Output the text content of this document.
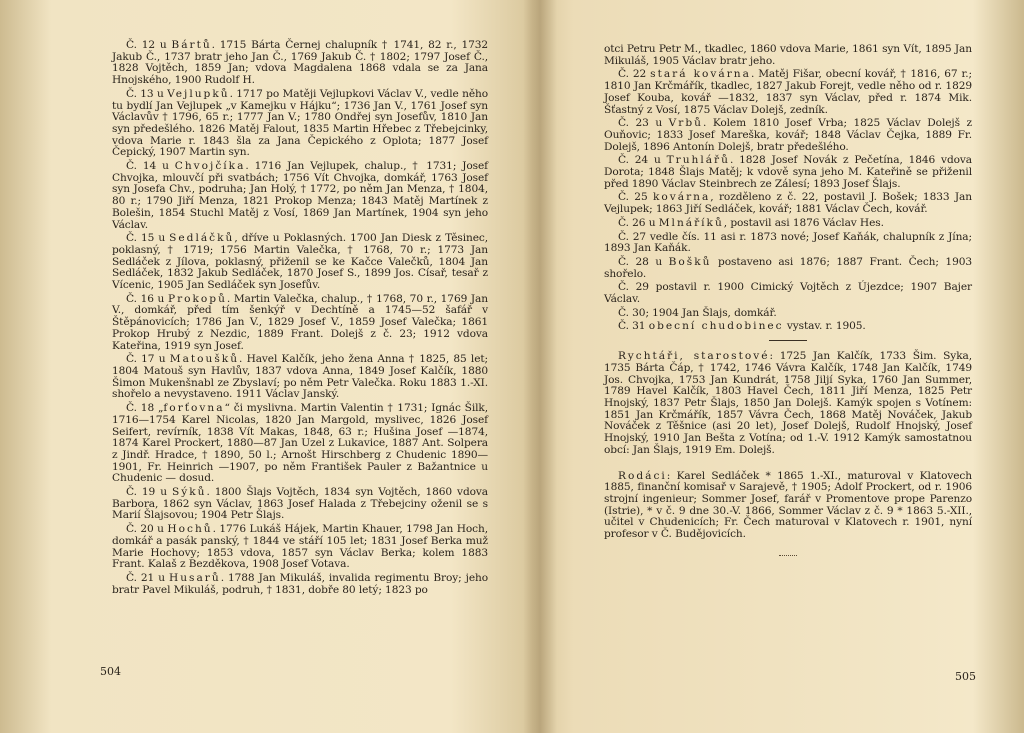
Č. 12 u Bártů. 1715 Bárta Černej chalupník † 1741, 82 r., 1732 Jakub Č., 1737 bratr jeho Jan Č., 1769 Jakub Č. † 1802; 1797 Josef Č., 1828 Vojtěch, 1859 Jan; vdova Magdalena 1868 vdala se za Jana Hnojského, 1900 Rudolf H.

Č. 13 u Vejlupků. 1717 po Matěji Vejlupkovi Václav V., vedle něho tu bydlí Jan Vejlupek „v Kamejku v Hájku“; 1736 Jan V., 1761 Josef syn Václavův † 1796, 65 r.; 1777 Jan V.; 1780 Ondřej syn Josefův, 1810 Jan syn předešlého. 1826 Matěj Falout, 1835 Martin Hřebec z Třebejcinky, vdova Marie r. 1843 šla za Jana Čepického z Oplota; 1877 Josef Čepický, 1907 Martin syn.

Č. 14 u Chvojčíka. 1716 Jan Vejlupek, chalup., † 1731; Josef Chvojka, mlouvčí při svatbách; 1756 Vít Chvojka, domkář, 1763 Josef syn Josefa Chv., podruha; Jan Holý, † 1772, po něm Jan Menza, † 1804, 80 r.; 1790 Jiří Menza, 1821 Prokop Menza; 1843 Matěj Martínek z Bolešin, 1854 Stuchl Matěj z Vosí, 1869 Jan Martínek, 1904 syn jeho Václav.

Č. 15 u Sedláčků, dříve u Poklasných. 1700 Jan Diesk z Těsinec, poklasný, † 1719; 1756 Martin Valečka, † 1768, 70 r.; 1773 Jan Sedláček z Jílova, poklasný, přiženil se ke Kačce Valečků, 1804 Jan Sedláček, 1832 Jakub Sedláček, 1870 Josef S., 1899 Jos. Císař, tesař z Vícenic, 1905 Jan Sedláček syn Josefův.

Č. 16 u Prokopů. Martin Valečka, chalup., † 1768, 70 r., 1769 Jan V., domkář, před tím šenkýř v Dechtíně a 1745—52 šafář v Štěpánovicích; 1786 Jan V., 1829 Josef V., 1859 Josef Valečka; 1861 Prokop Hrubý z Nezdic, 1889 Frant. Dolejš z č. 23; 1912 vdova Kateřina, 1919 syn Josef.

Č. 17 u Matoušků. Havel Kalčík, jeho žena Anna † 1825, 85 let; 1804 Matouš syn Havlův, 1837 vdova Anna, 1849 Josef Kalčík, 1880 Šimon Mukenšnabl ze Zbyslaví; po něm Petr Valečka. Roku 1883 1.-XI. shořelo a nevystaveno. 1911 Václav Janský.

Č. 18 „forťovna“ či myslivna. Martin Valentin † 1731; Ignác Šilk, 1716—1754 Karel Nicolas, 1820 Jan Margold, myslivec, 1826 Josef Seifert, revírník, 1838 Vít Makas, 1848, 63 r.; Hušina Josef —1874, 1874 Karel Prockert, 1880—87 Jan Uzel z Lukavice, 1887 Ant. Solpera z Jindř. Hradce, † 1890, 50 l.; Arnošt Hirschberg z Chudenic 1890—1901, Fr. Heinrich —1907, po něm František Pauler z Bažantnice u Chudenic — dosud.

Č. 19 u Sýků. 1800 Šlajs Vojtěch, 1834 syn Vojtěch, 1860 vdova Barbora, 1862 syn Václav, 1863 Josef Halada z Třebejciny oženil se s Marií Šlajsovou; 1904 Petr Šlajs.

Č. 20 u Hochů. 1776 Lukáš Hájek, Martin Khauer, 1798 Jan Hoch, domkář a pasák panský, † 1844 ve stáří 105 let; 1831 Josef Berka muž Marie Hochovy; 1853 vdova, 1857 syn Václav Berka; kolem 1883 Frant. Kalaš z Bezděkova, 1908 Josef Votava.

Č. 21 u Husarů. 1788 Jan Mikuláš, invalida regimentu Broy; jeho bratr Pavel Mikuláš, podruh, † 1831, dobře 80 letý; 1823 po

504

otci Petru Petr M., tkadlec, 1860 vdova Marie, 1861 syn Vít, 1895 Jan Mikuláš, 1905 Václav bratr jeho.

Č. 22 stará kovárna. Matěj Fišar, obecní kovář, † 1816, 67 r.; 1810 Jan Krčmářík, tkadlec, 1827 Jakub Forejt, vedle něho od r. 1829 Josef Kouba, kovář —1832, 1837 syn Václav, před r. 1874 Mik. Šťastný z Vosí, 1875 Václav Dolejš, zedník.

Č. 23 u Vrbů. Kolem 1810 Josef Vrba; 1825 Václav Dolejš z Ouňovic; 1833 Josef Mareška, kovář; 1848 Václav Čejka, 1889 Fr. Dolejš, 1896 Antonín Dolejš, bratr předešlého.

Č. 24 u Truhlářů. 1828 Josef Novák z Pečetína, 1846 vdova Dorota; 1848 Šlajs Matěj; k vdově syna jeho M. Kateřině se přiženil před 1890 Václav Steinbrech ze Zálesí; 1893 Josef Šlajs.

Č. 25 kovárna, rozděleno z č. 22, postavil J. Bošek; 1833 Jan Vejlupek; 1863 Jiří Sedláček, kovář; 1881 Václav Čech, kovář.

Č. 26 u Mlnáříků, postavil asi 1876 Václav Hes.

Č. 27 vedle čís. 11 asi r. 1873 nové; Josef Kaňák, chalupník z Jína; 1893 Jan Kaňák.

Č. 28 u Bošků postaveno asi 1876; 1887 Frant. Čech; 1903 shořelo.

Č. 29 postavil r. 1900 Cimický Vojtěch z Újezdce; 1907 Bajer Václav.

Č. 30; 1904 Jan Šlajs, domkář.

Č. 31 obecní chudobinec vystav. r. 1905.

Rychtáři, starostové: 1725 Jan Kalčík, 1733 Šim. Syka, 1735 Bárta Čáp, † 1742, 1746 Vávra Kalčík, 1748 Jan Kalčík, 1749 Jos. Chvojka, 1753 Jan Kundrát, 1758 Jiljí Syka, 1760 Jan Summer, 1789 Havel Kalčík, 1803 Havel Čech, 1811 Jiří Menza, 1825 Petr Hnojský, 1837 Petr Šlajs, 1850 Jan Dolejš. Kamýk spojen s Votínem: 1851 Jan Krčmářík, 1857 Vávra Čech, 1868 Matěj Nováček, Jakub Nováček z Těšnice (asi 20 let), Josef Dolejš, Rudolf Hnojský, Josef Hnojský, 1910 Jan Bešta z Votína; od 1.-V. 1912 Kamýk samostatnou obcí: Jan Šlajs, 1919 Em. Dolejš.

Rodáci: Karel Sedláček * 1865 1.-XI., maturoval v Klatovech 1885, finanční komisař v Sarajevě, † 1905; Adolf Prockert, od r. 1906 strojní ingenieur; Sommer Josef, farář v Promentove prope Parenzo (Istrie), * v č. 9 dne 30.-V. 1866, Sommer Václav z č. 9 * 1863 5.-XII., učitel v Chudenicích; Fr. Čech maturoval v Klatovech r. 1901, nyní profesor v Č. Budějovicích.

505
